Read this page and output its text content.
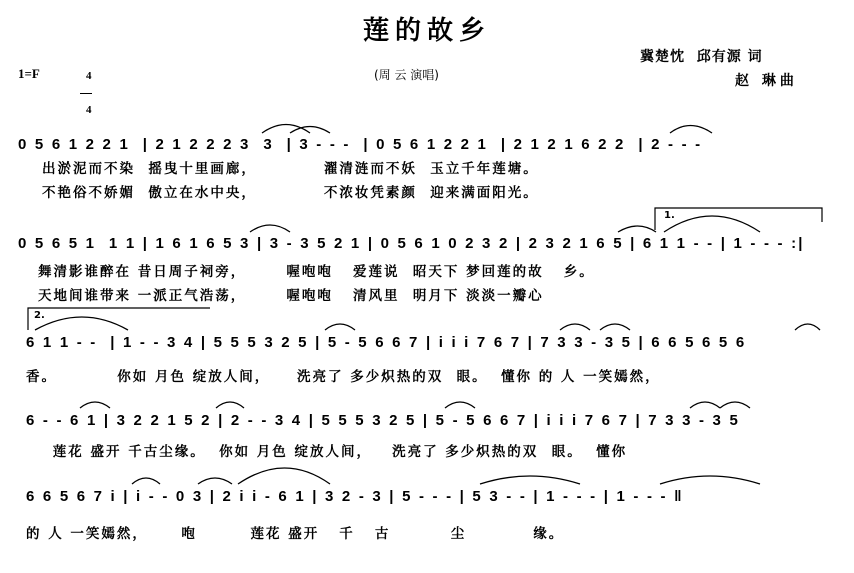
莲的故乡
1=F	4

4

(周 云 演唱)
冀楚忱  邱有源 词
赵 琳曲
0 5 6 1 2 2 1  | 2 1 2 2 2 3  3  | 3 - - -  | 0 5 6 1 2 2 1  | 2 1 2 1 6 2 2  | 2 - - -
出淤泥而不染  摇曳十里画廊，          濯清涟而不妖  玉立千年莲塘。
不艳俗不娇媚  傲立在水中央，          不浓妆凭素颜  迎来满面阳光。
1.
0 5 6 5 1  1 1 | 1 6 1 6 5 3 | 3 - 3 5 2 1 | 0 5 6 1 0 2 3 2 | 2 3 2 1 6 5 | 6 1 1 - - | 1 - - - :|
舞清影谁醉在 昔日周子祠旁，      喔咆咆   爱莲说  昭天下 梦回莲的故   乡。
天地间谁带来 一派正气浩荡，      喔咆咆   清风里  明月下 淡淡一瓣心
2.
6 1 1 - -  | 1 - - 3 4 | 5 5 5 3 2 5 | 5 - 5 6 6 7 | i i i 7 6 7 | 7 3 3 - 3 5 | 6 6 5 6 5 6
香。         你如 月色 绽放人间，    洗亮了 多少炽热的双  眼。  懂你 的 人 一笑嫣然，
6 - - 6 1 | 3 2 2 1 5 2 | 2 - - 3 4 | 5 5 5 3 2 5 | 5 - 5 6 6 7 | i i i 7 6 7 | 7 3 3 - 3 5
莲花 盛开 千古尘缘。  你如 月色 绽放人间，   洗亮了 多少炽热的双  眼。  懂你
6 6 5 6 7 i | i - - 0 3 | 2 i i - 6 1 | 3 2 - 3 | 5 - - - | 5 3 - - | 1 - - - | 1 - - - ‖
的 人 一笑嫣然，     咆        莲花 盛开   千   古         尘          缘。
